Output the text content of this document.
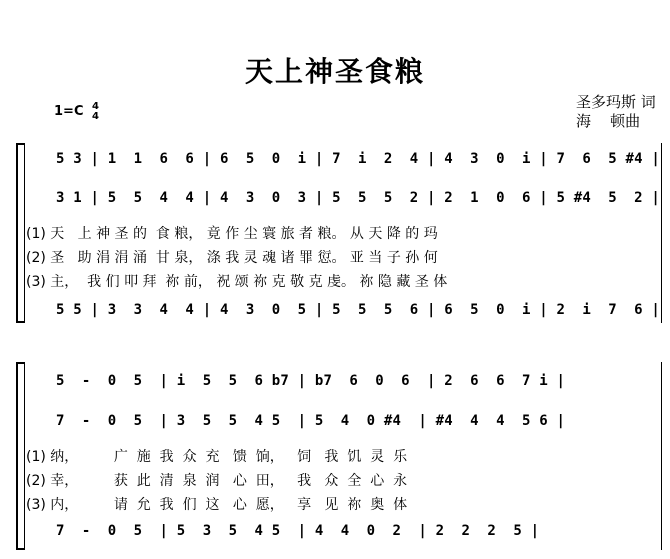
天上神圣食粮
1=C 4
4
圣多玛斯 词
海    顿曲
5 3 | 1  1  6  6 | 6  5  0  i | 7  i  2  4 | 4  3  0  i | 7  6  5 #4 |
3 1 | 5  5  4  4 | 4  3  0  3 | 5  5  5  2 | 2  1  0  6 | 5 #4  5  2 |
(1) 天   上 神 圣 的  食 粮， 竟 作 尘 寰 旅 者 粮。 从 天 降 的 玛
(2) 圣   助 涓 涓 涌  甘 泉， 涤 我 灵 魂 诸 罪 愆。 亚 当 子 孙 何
(3) 主，  我 们 叩 拜  祢 前， 祝 颂 祢 克 敬 克 虔。 祢 隐 藏 圣 体
5 5 | 3  3  4  4 | 4  3  0  5 | 5  5  5  6 | 6  5  0  i | 2  i  7  6 |
5  -  0  5  | i  5  5  6 b7 | b7  6  0  6  | 2  6  6  7 i |
7  -  0  5  | 3  5  5  4 5  | 5  4  0 #4  | #4  4  4  5 6 |
(1) 纳，        广  施  我  众  充   馈  饷，   饲   我  饥  灵  乐
(2) 幸，        获  此  清  泉  润   心  田，   我   众  全  心  永
(3) 内，        请  允  我  们  这   心  愿，   享   见  祢  奥  体
7  -  0  5  | 5  3  5  4 5  | 4  4  0  2  | 2  2  2  5 |
